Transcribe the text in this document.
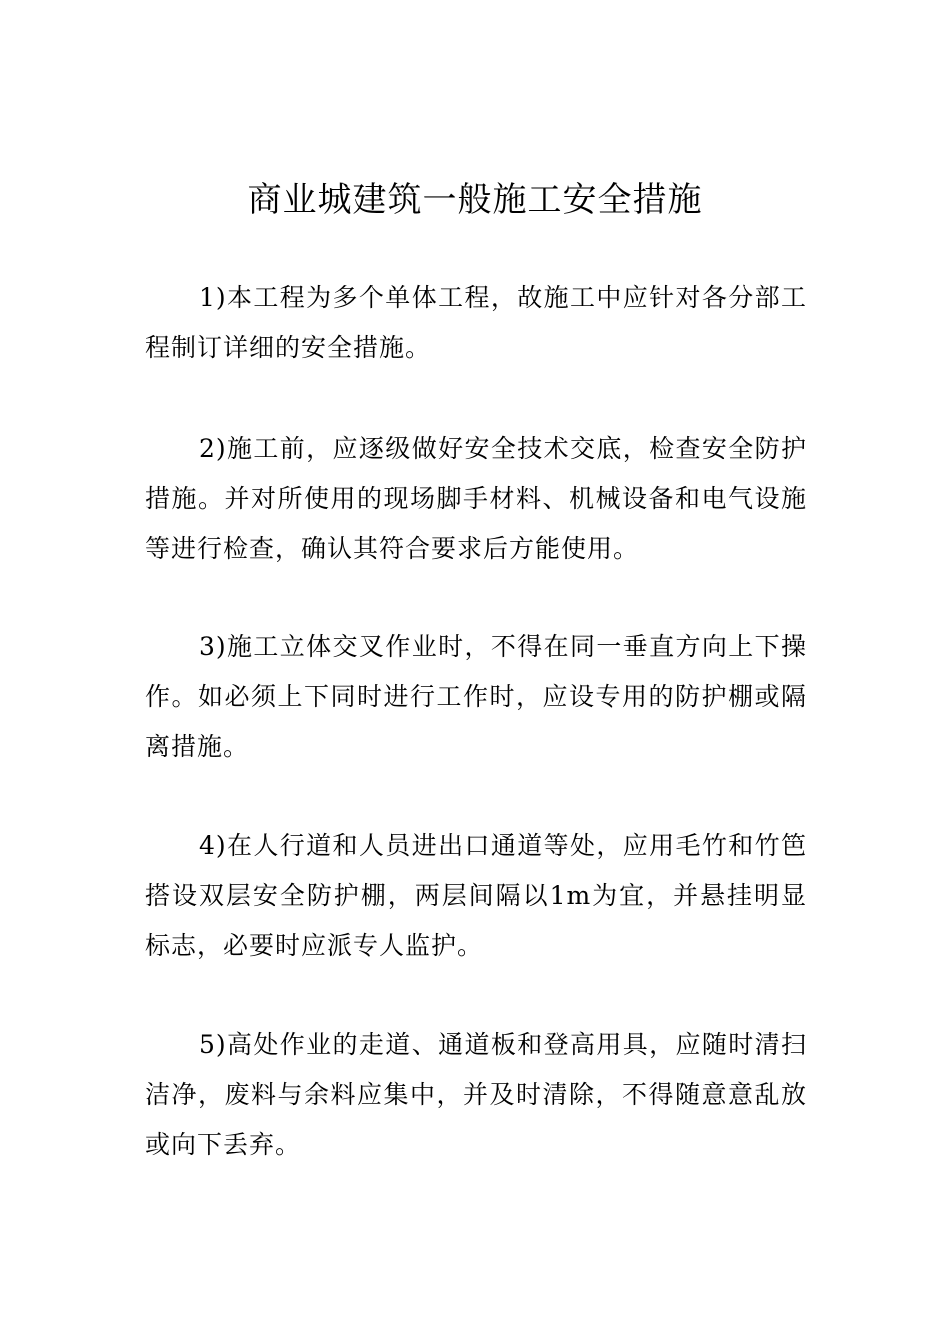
商业城建筑一般施工安全措施

1)本工程为多个单体工程，故施工中应针对各分部工程制订详细的安全措施。

2)施工前，应逐级做好安全技术交底，检查安全防护措施。并对所使用的现场脚手材料、机械设备和电气设施等进行检查，确认其符合要求后方能使用。

3)施工立体交叉作业时，不得在同一垂直方向上下操作。如必须上下同时进行工作时，应设专用的防护棚或隔离措施。

4)在人行道和人员进出口通道等处，应用毛竹和竹笆搭设双层安全防护棚，两层间隔以1m为宜，并悬挂明显标志，必要时应派专人监护。

5)高处作业的走道、通道板和登高用具，应随时清扫洁净，废料与余料应集中，并及时清除，不得随意意乱放或向下丢弃。
